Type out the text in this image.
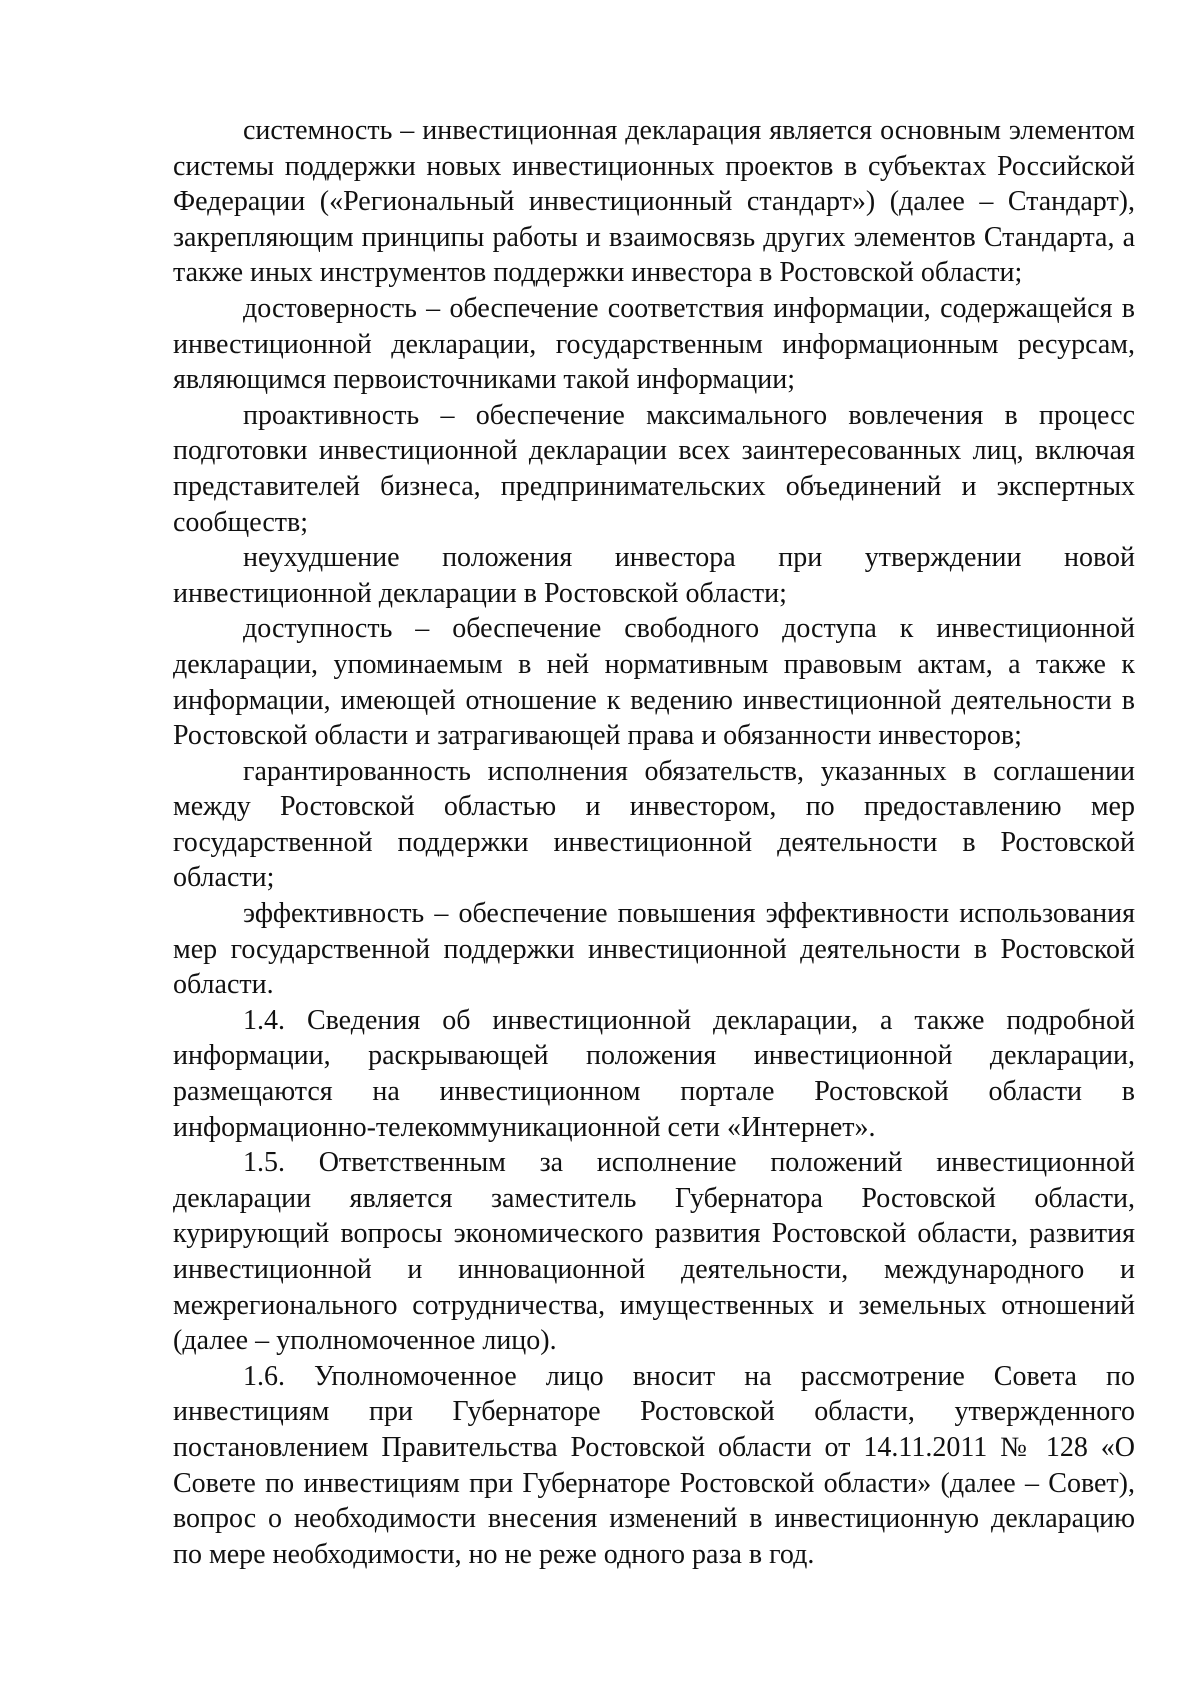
системность – инвестиционная декларация является основным элементом системы поддержки новых инвестиционных проектов в субъектах Российской Федерации («Региональный инвестиционный стандарт») (далее – Стандарт), закрепляющим принципы работы и взаимосвязь других элементов Стандарта, а также иных инструментов поддержки инвестора в Ростовской области;

достоверность – обеспечение соответствия информации, содержащейся в инвестиционной декларации, государственным информационным ресурсам, являющимся первоисточниками такой информации;

проактивность – обеспечение максимального вовлечения в процесс подготовки инвестиционной декларации всех заинтересованных лиц, включая представителей бизнеса, предпринимательских объединений и экспертных сообществ;

неухудшение положения инвестора при утверждении новой инвестиционной декларации в Ростовской области;

доступность – обеспечение свободного доступа к инвестиционной декларации, упоминаемым в ней нормативным правовым актам, а также к информации, имеющей отношение к ведению инвестиционной деятельности в Ростовской области и затрагивающей права и обязанности инвесторов;

гарантированность исполнения обязательств, указанных в соглашении между Ростовской областью и инвестором, по предоставлению мер государственной поддержки инвестиционной деятельности в Ростовской области;

эффективность – обеспечение повышения эффективности использования мер государственной поддержки инвестиционной деятельности в Ростовской области.

1.4. Сведения об инвестиционной декларации, а также подробной информации, раскрывающей положения инвестиционной декларации, размещаются на инвестиционном портале Ростовской области в информационно-телекоммуникационной сети «Интернет».

1.5. Ответственным за исполнение положений инвестиционной декларации является заместитель Губернатора Ростовской области, курирующий вопросы экономического развития Ростовской области, развития инвестиционной и инновационной деятельности, международного и межрегионального сотрудничества, имущественных и земельных отношений (далее – уполномоченное лицо).

1.6. Уполномоченное лицо вносит на рассмотрение Совета по инвестициям при Губернаторе Ростовской области, утвержденного постановлением Правительства Ростовской области от 14.11.2011 № 128 «О Совете по инвестициям при Губернаторе Ростовской области» (далее – Совет), вопрос о необходимости внесения изменений в инвестиционную декларацию по мере необходимости, но не реже одного раза в год.
